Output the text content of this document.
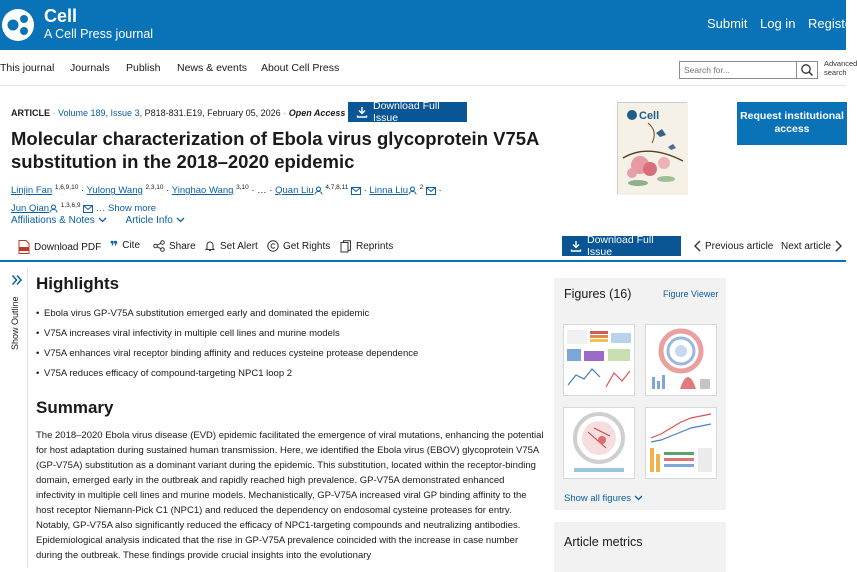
Cell
A Cell Press journal
Submit Log in Register
This journal Journals Publish News & events About Cell Press
Search for...	Advanced search
ARTICLE · Volume 189, Issue 3, P818-831.E19, February 05, 2026 · Open Access
Download Full Issue
Molecular characterization of Ebola virus glycoprotein V75A substitution in the 2018–2020 epidemic
Linjin Fan $^{1,6,9,10}$ · Yulong Wang $^{2,3,10}$ · Yinghao Wang $^{3,10}$ · … · Quan Liu $^{4,7,8,11}$ · Linna Liu $^2$ ·
Jun Qian $^{1,3,6,9}$ … Show more
Affiliations & Notes	Article Info
Cell	Request institutional access
Download PDF ❞ Cite	Share Set Alert	Get Rights	Reprints
Download Full Issue	Previous article Next article
Show Outline
Highlights
• Ebola virus GP-V75A substitution emerged early and dominated the epidemic
• V75A increases viral infectivity in multiple cell lines and murine models
• V75A enhances viral receptor binding affinity and reduces cysteine protease dependence
• V75A reduces efficacy of compound-targeting NPC1 loop 2
Summary

The 2018–2020 Ebola virus disease (EVD) epidemic facilitated the emergence of viral mutations, enhancing the potential for host adaptation during sustained human transmission. Here, we identified the Ebola virus (EBOV) glycoprotein V75A (GP-V75A) substitution as a dominant variant during the epidemic. This substitution, located within the receptor-binding domain, emerged early in the outbreak and rapidly reached high prevalence. GP-V75A demonstrated enhanced infectivity in multiple cell lines and murine models. Mechanistically, GP-V75A increased viral GP binding affinity to the host receptor Niemann-Pick C1 (NPC1) and reduced the dependency on endosomal cysteine proteases for entry. Notably, GP-V75A also significantly reduced the efficacy of NPC1-targeting compounds and neutralizing antibodies. Epidemiological analysis indicated that the rise in GP-V75A prevalence coincided with the increase in case number during the outbreak. These findings provide crucial insights into the evolutionary

Figures (16)	Figure Viewer
Show all figures
Article metrics
